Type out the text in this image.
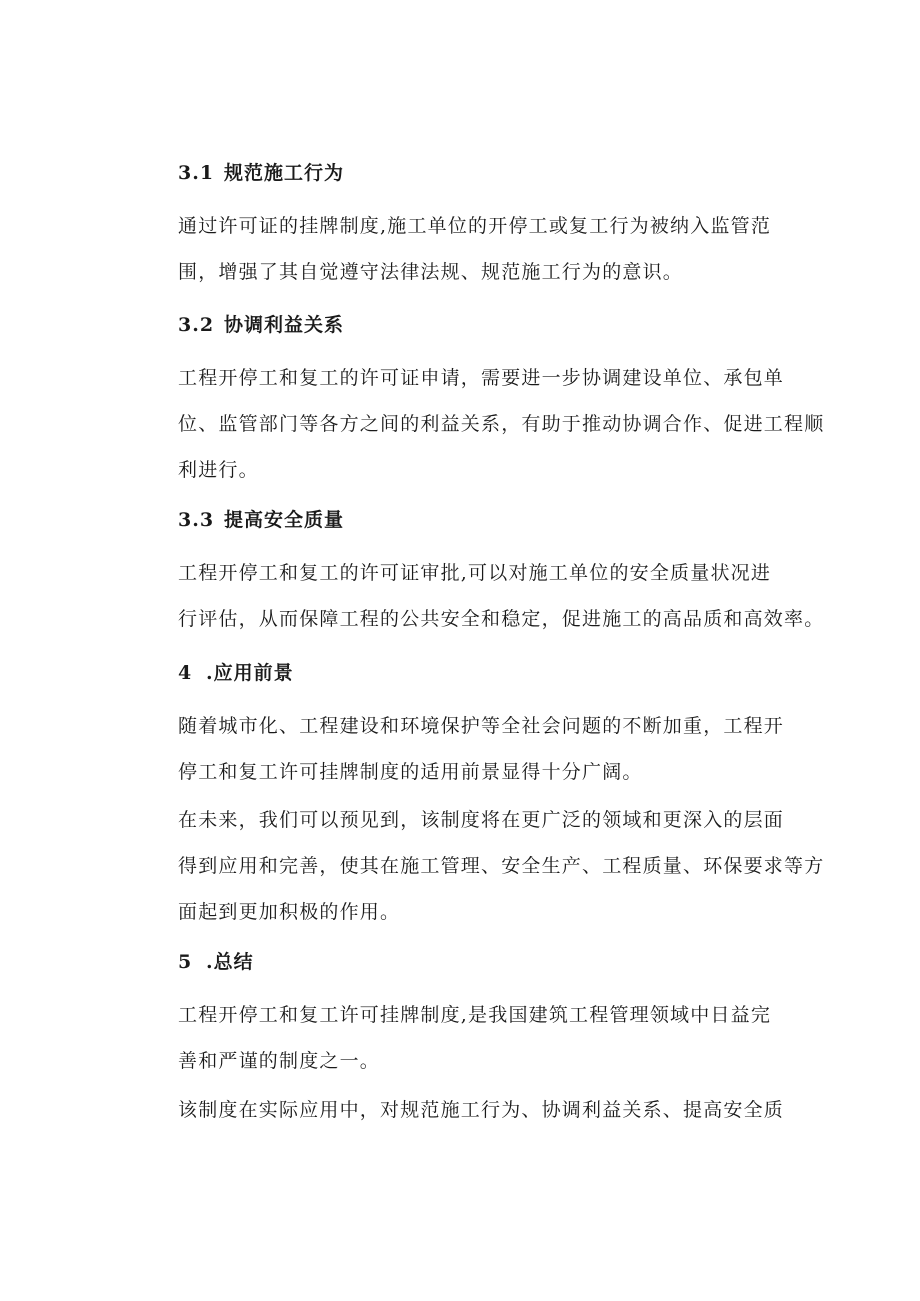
3.1 规范施工行为

通过许可证的挂牌制度,施工单位的开停工或复工行为被纳入监管范
围，增强了其自觉遵守法律法规、规范施工行为的意识。

3.2 协调利益关系

工程开停工和复工的许可证申请，需要进一步协调建设单位、承包单
位、监管部门等各方之间的利益关系，有助于推动协调合作、促进工程顺
利进行。

3.3 提高安全质量

工程开停工和复工的许可证审批,可以对施工单位的安全质量状况进
行评估，从而保障工程的公共安全和稳定，促进施工的高品质和高效率。

4 .应用前景

随着城市化、工程建设和环境保护等全社会问题的不断加重，工程开
停工和复工许可挂牌制度的适用前景显得十分广阔。

在未来，我们可以预见到，该制度将在更广泛的领域和更深入的层面
得到应用和完善，使其在施工管理、安全生产、工程质量、环保要求等方
面起到更加积极的作用。

5 .总结

工程开停工和复工许可挂牌制度,是我国建筑工程管理领域中日益完
善和严谨的制度之一。

该制度在实际应用中，对规范施工行为、协调利益关系、提高安全质
